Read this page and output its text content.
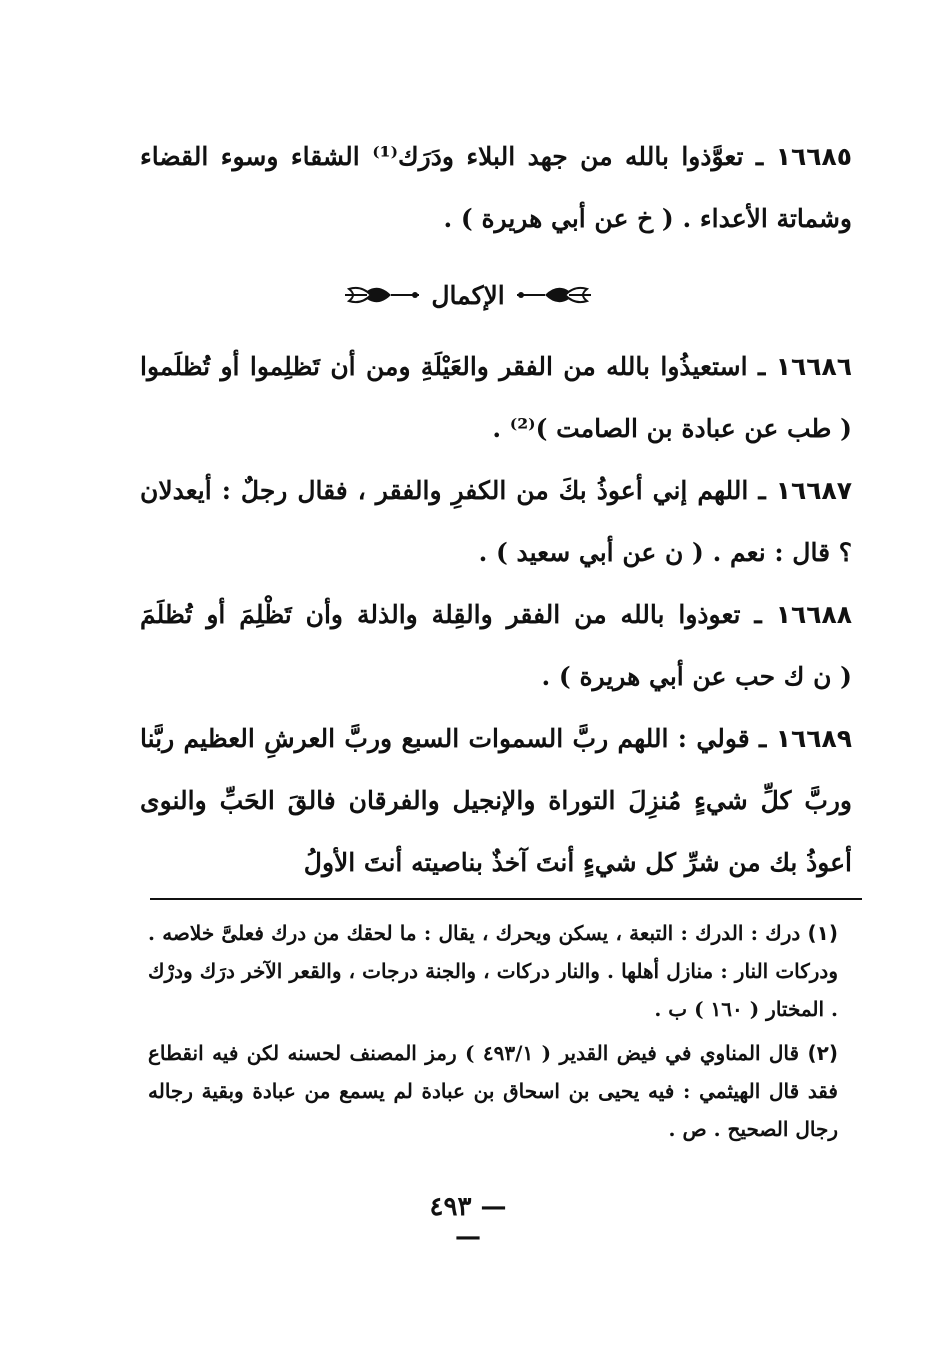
١٦٦٨٥ ـ تعوَّذوا بالله من جهد البلاء ودَرَك⁽¹⁾ الشقاء وسوء القضاء وشماتة الأعداء . ( خ عن أبي هريرة ) .

الإكمال

١٦٦٨٦ ـ استعيذُوا بالله من الفقر والعَيْلَةِ ومن أن تَظلِموا أو تُظلَموا ( طب عن عبادة بن الصامت )⁽²⁾ .

١٦٦٨٧ ـ اللهم إني أعوذُ بكَ من الكفرِ والفقر ، فقال رجلٌ : أيعدلان ؟ قال : نعم . ( ن عن أبي سعيد ) .

١٦٦٨٨ ـ تعوذوا بالله من الفقر والقِلة والذلة وأن تَظْلِمَ أو تُظلَمَ ( ن ك حب عن أبي هريرة ) .

١٦٦٨٩ ـ قولي : اللهم ربَّ السموات السبع وربَّ العرشِ العظيم ربَّنا وربَّ كلِّ شيءٍ مُنزِلَ التوراة والإنجيل والفرقان فالقَ الحَبِّ والنوى أعوذُ بك من شرِّ كل شيءٍ أنتَ آخذٌ بناصيته أنتَ الأولُ

(١) درك : الدرك : التبعة ، يسكن ويحرك ، يقال : ما لحقك من درك فعلىَّ خلاصه . ودركات النار : منازل أهلها . والنار دركات ، والجنة درجات ، والقعر الآخر درَك ودرْك . المختار ( ١٦٠ ) ب .

(٢) قال المناوي في فيض القدير ( ٤٩٣/١ ) رمز المصنف لحسنه لكن فيه انقطاع فقد قال الهيثمي : فيه يحيى بن اسحاق بن عبادة لم يسمع من عبادة وبقية رجاله رجال الصحيح . ص .

— ٤٩٣ —
